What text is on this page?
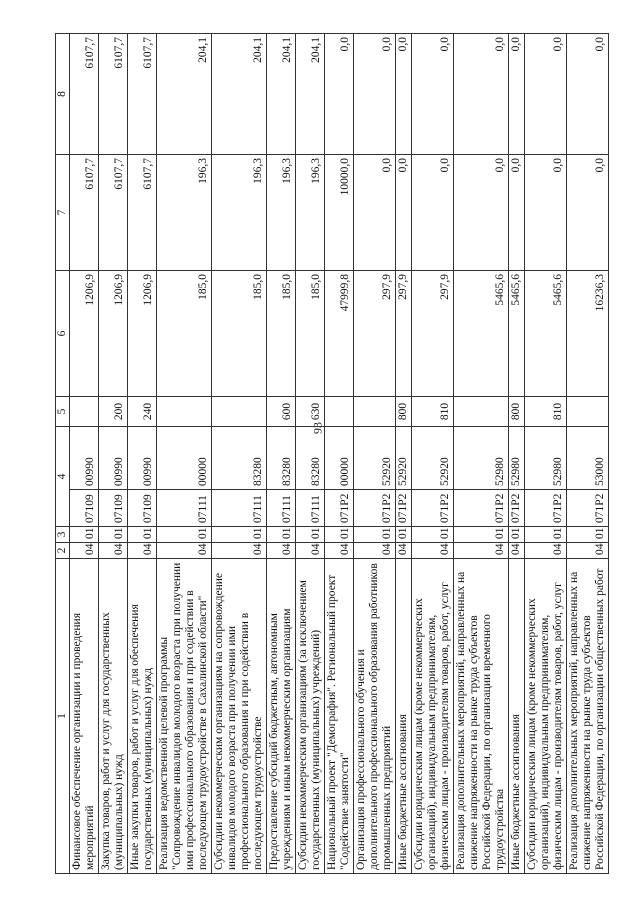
93
1	2	3	4		5	6	7	8
Финансовое обеспечение организации и проведения мероприятий	04	01	07109	00990		1206,9	6107,7	6107,7
Закупка товаров, работ и услуг для государственных (муниципальных) нужд	04	01	07109	00990	200	1206,9	6107,7	6107,7
Иные закупки товаров, работ и услуг для обеспечения государственных (муниципальных) нужд	04	01	07109	00990	240	1206,9	6107,7	6107,7
Реализация ведомственной целевой программы "Сопровождение инвалидов молодого возраста при получении ими профессионального образования и при содействии в последующем трудоустройстве в Сахалинской области"	04	01	07111	00000		185,0	196,3	204,1
Субсидии некоммерческим организациям на сопровождение инвалидов молодого возраста при получении ими профессионального образования и при содействии в последующем трудоустройстве	04	01	07111	83280		185,0	196,3	204,1
Предоставление субсидий бюджетным, автономным учреждениям и иным некоммерческим организациям	04	01	07111	83280	600	185,0	196,3	204,1
Субсидии некоммерческим организациям (за исключением государственных (муниципальных) учреждений)	04	01	07111	83280	630	185,0	196,3	204,1
Национальный проект "Демография". Региональный проект "Содействие занятости"	04	01	071P2	00000		47999,8	10000,0	0,0
Организация профессионального обучения и дополнительного профессионального образования работников промышленных предприятий	04	01	071P2	52920		297,9	0,0	0,0
Иные бюджетные ассигнования	04	01	071P2	52920	800	297,9	0,0	0,0
Субсидии юридическим лицам (кроме некоммерческих организаций), индивидуальным предпринимателям, физическим лицам - производителям товаров, работ, услуг	04	01	071P2	52920	810	297,9	0,0	0,0
Реализация дополнительных мероприятий, направленных на снижение напряженности на рынке труда субъектов Российской Федерации, по организации временного трудоустройства	04	01	071P2	52980		5465,6	0,0	0,0
Иные бюджетные ассигнования	04	01	071P2	52980	800	5465,6	0,0	0,0
Субсидии юридическим лицам (кроме некоммерческих организаций), индивидуальным предпринимателям, физическим лицам - производителям товаров, работ, услуг	04	01	071P2	52980	810	5465,6	0,0	0,0
Реализация дополнительных мероприятий, направленных на снижение напряженности на рынке труда субъектов Российской Федерации, по организации общественных работ	04	01	071P2	53000		16236,3	0,0	0,0
